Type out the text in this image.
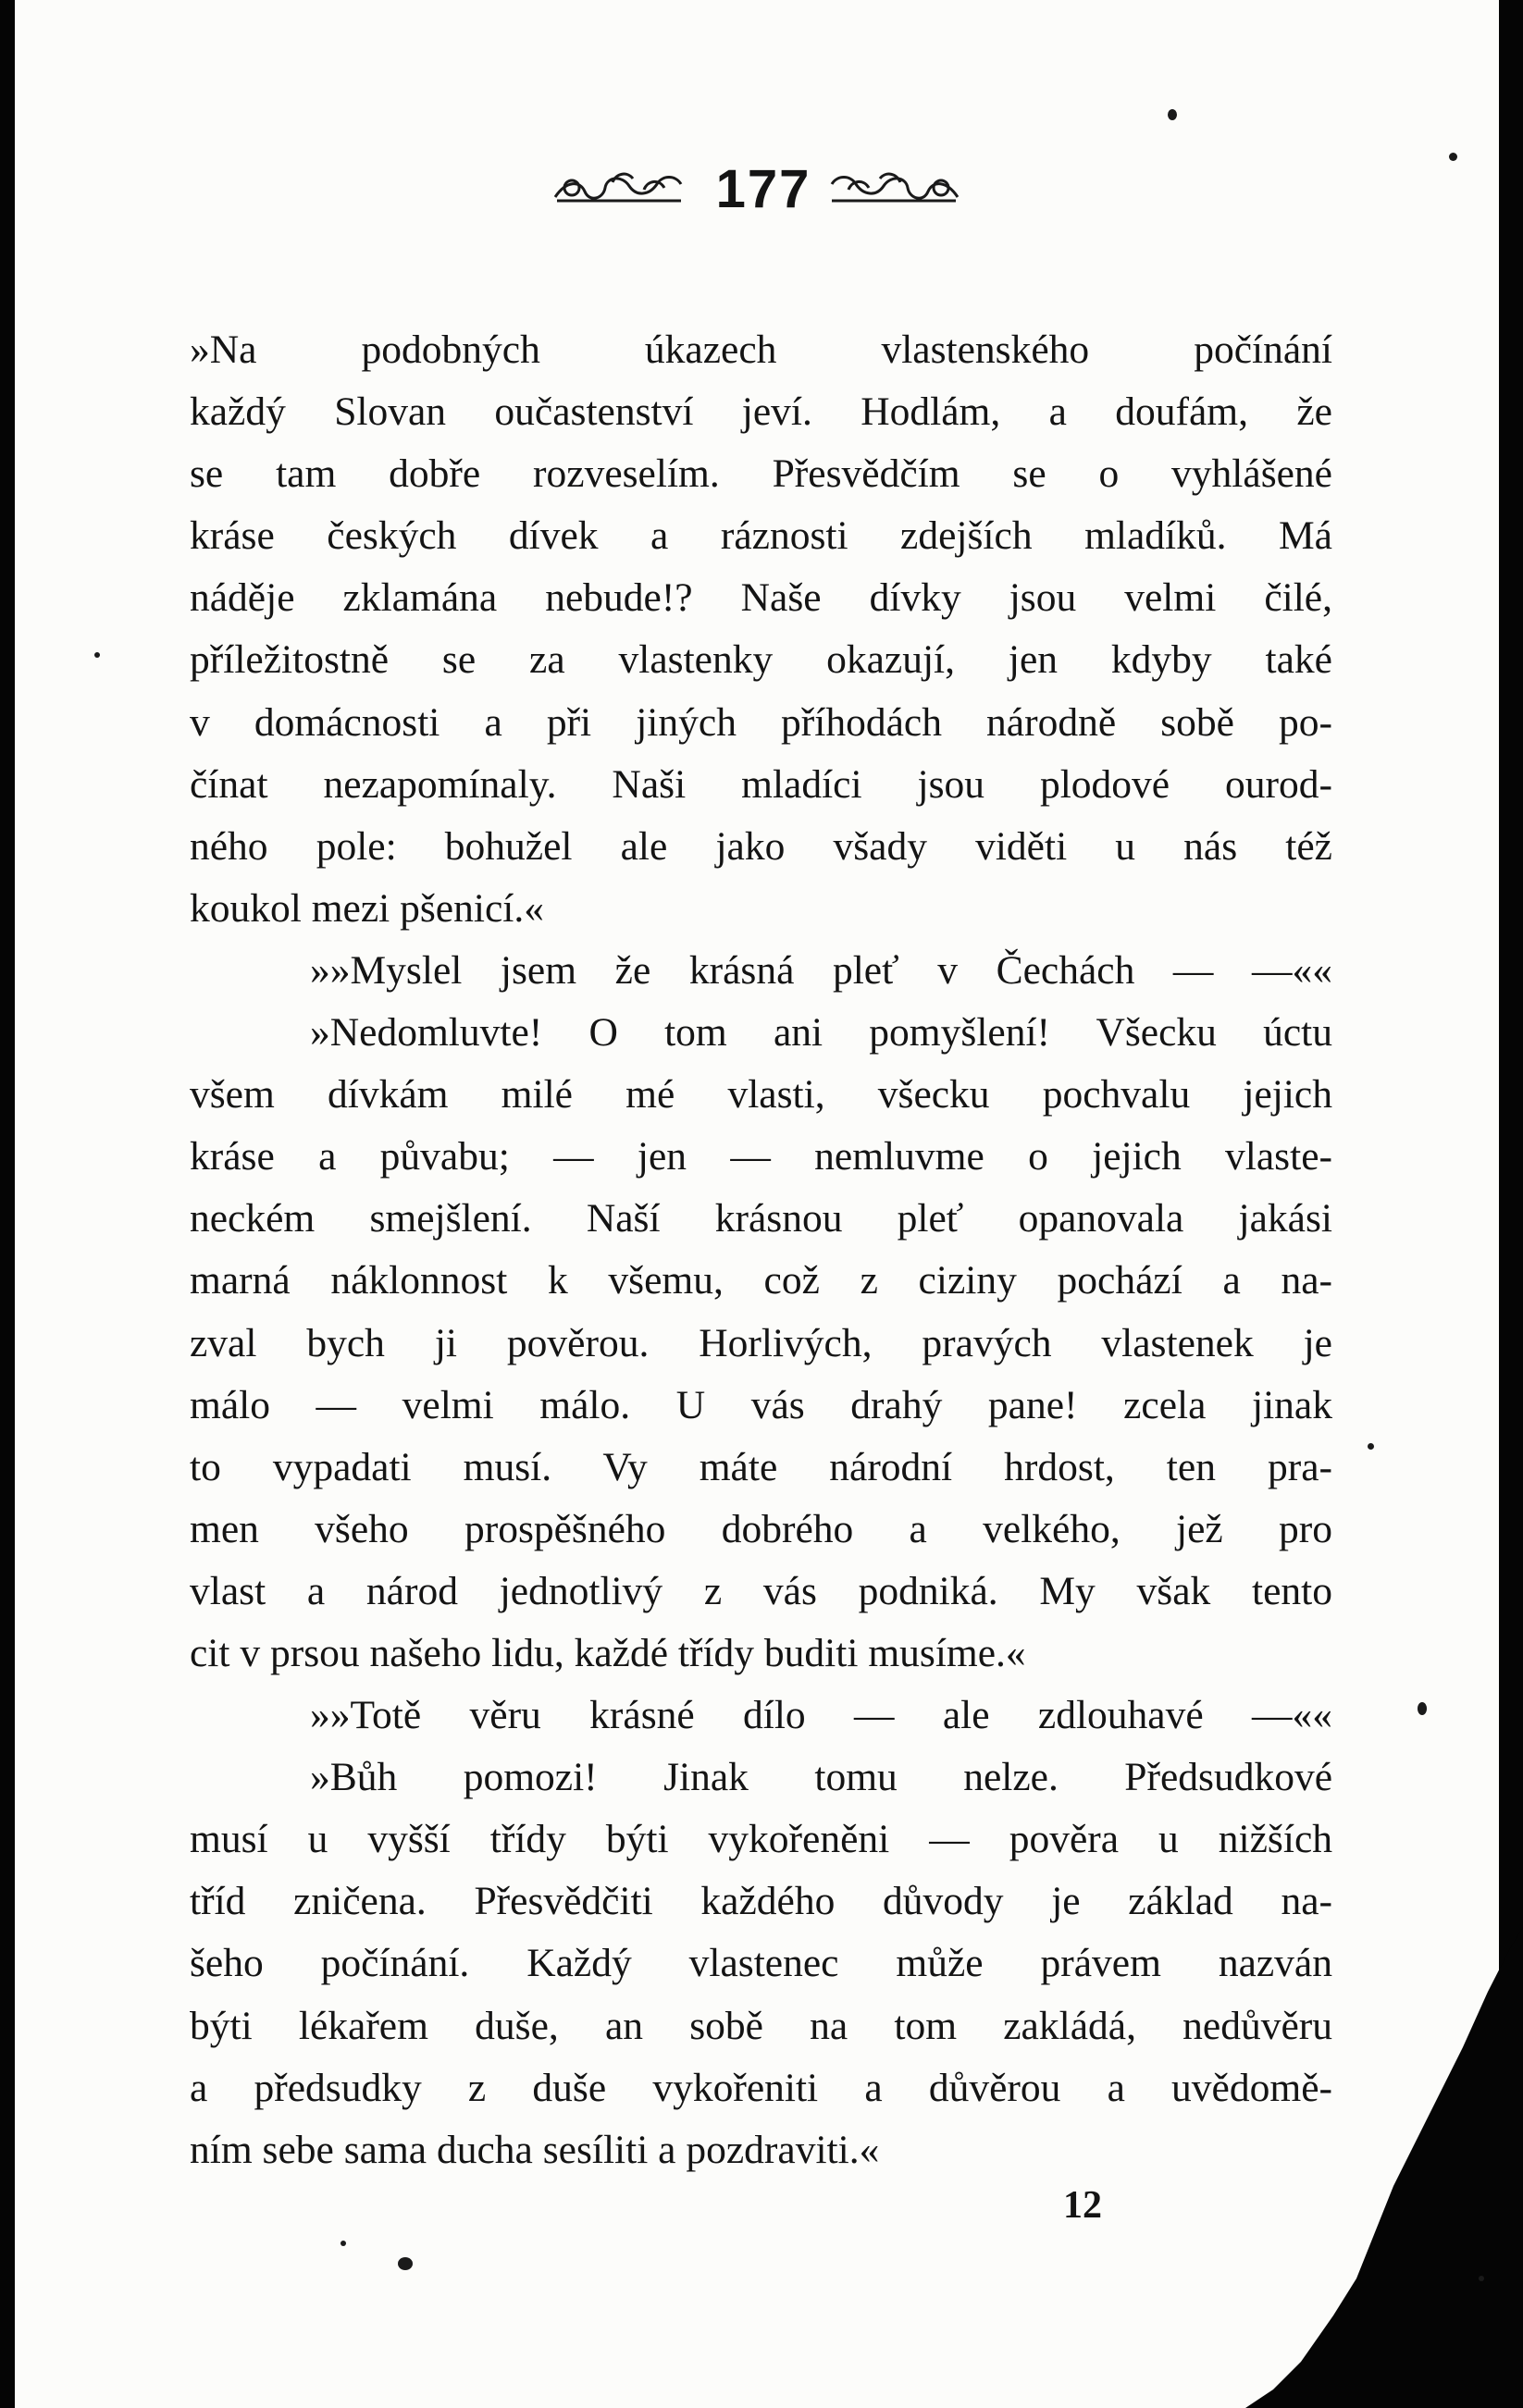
177
»Na podobných úkazech vlastenského počínání
každý Slovan oučastenství jeví. Hodlám, a doufám, že
se tam dobře rozveselím. Přesvědčím se o vyhlášené
kráse českých dívek a ráznosti zdejších mladíků. Má
náděje zklamána nebude!? Naše dívky jsou velmi čilé,
příležitostně se za vlastenky okazují, jen kdyby také
v domácnosti a při jiných příhodách národně sobě po-
čínat nezapomínaly. Naši mladíci jsou plodové ourod-
ného pole: bohužel ale jako všady viděti u nás též
koukol mezi pšenicí.«
»»Myslel jsem že krásná pleť v Čechách — —««
»Nedomluvte! O tom ani pomyšlení! Všecku úctu
všem dívkám milé mé vlasti, všecku pochvalu jejich
kráse a půvabu; — jen — nemluvme o jejich vlaste-
neckém smejšlení. Naší krásnou pleť opanovala jakási
marná náklonnost k všemu, což z ciziny pochází a na-
zval bych ji pověrou. Horlivých, pravých vlastenek je
málo — velmi málo. U vás drahý pane! zcela jinak
to vypadati musí. Vy máte národní hrdost, ten pra-
men všeho prospěšného dobrého a velkého, jež pro
vlast a národ jednotlivý z vás podniká. My však tento
cit v prsou našeho lidu, každé třídy buditi musíme.«
»»Totě věru krásné dílo — ale zdlouhavé —««
»Bůh pomozi! Jinak tomu nelze. Předsudkové
musí u vyšší třídy býti vykořeněni — pověra u nižších
tříd zničena. Přesvědčiti každého důvody je základ na-
šeho počínání. Každý vlastenec může právem nazván
býti lékařem duše, an sobě na tom zakládá, nedůvěru
a předsudky z duše vykořeniti a důvěrou a uvědomě-
ním sebe sama ducha sesíliti a pozdraviti.«
12
